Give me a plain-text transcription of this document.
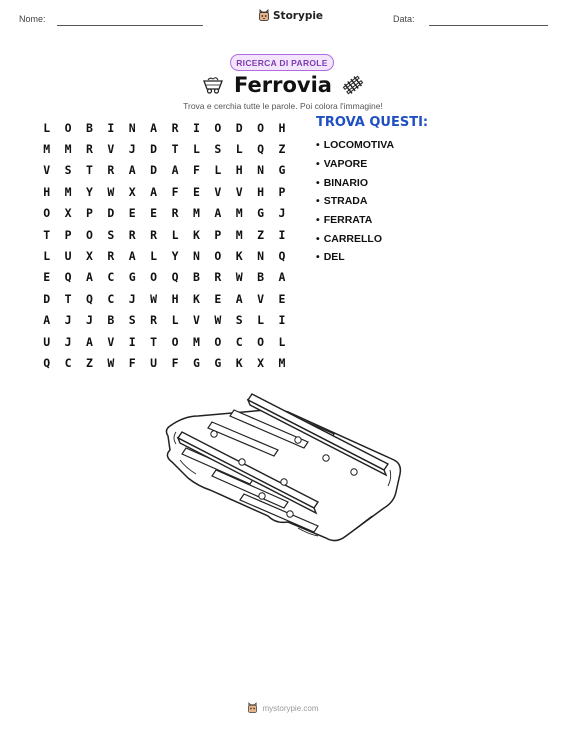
Nome:	Storypie	Data:
RICERCA DI PAROLE
Ferrovia
Trova e cerchia tutte le parole. Poi colora l'immagine!
L	O	B	I	N	A	R	I	O	D	O	H
M	M	R	V	J	D	T	L	S	L	Q	Z
V	S	T	R	A	D	A	F	L	H	N	G
H	M	Y	W	X	A	F	E	V	V	H	P
O	X	P	D	E	E	R	M	A	M	G	J
T	P	O	S	R	R	L	K	P	M	Z	I
L	U	X	R	A	L	Y	N	O	K	N	Q
E	Q	A	C	G	O	Q	B	R	W	B	A
D	T	Q	C	J	W	H	K	E	A	V	E
A	J	J	B	S	R	L	V	W	S	L	I
U	J	A	V	I	T	O	M	O	C	O	L
Q	C	Z	W	F	U	F	G	G	K	X	M
TROVA QUESTI:
• LOCOMOTIVA
• VAPORE
• BINARIO
• STRADA
• FERRATA
• CARRELLO
• DEL
mystorypie.com
